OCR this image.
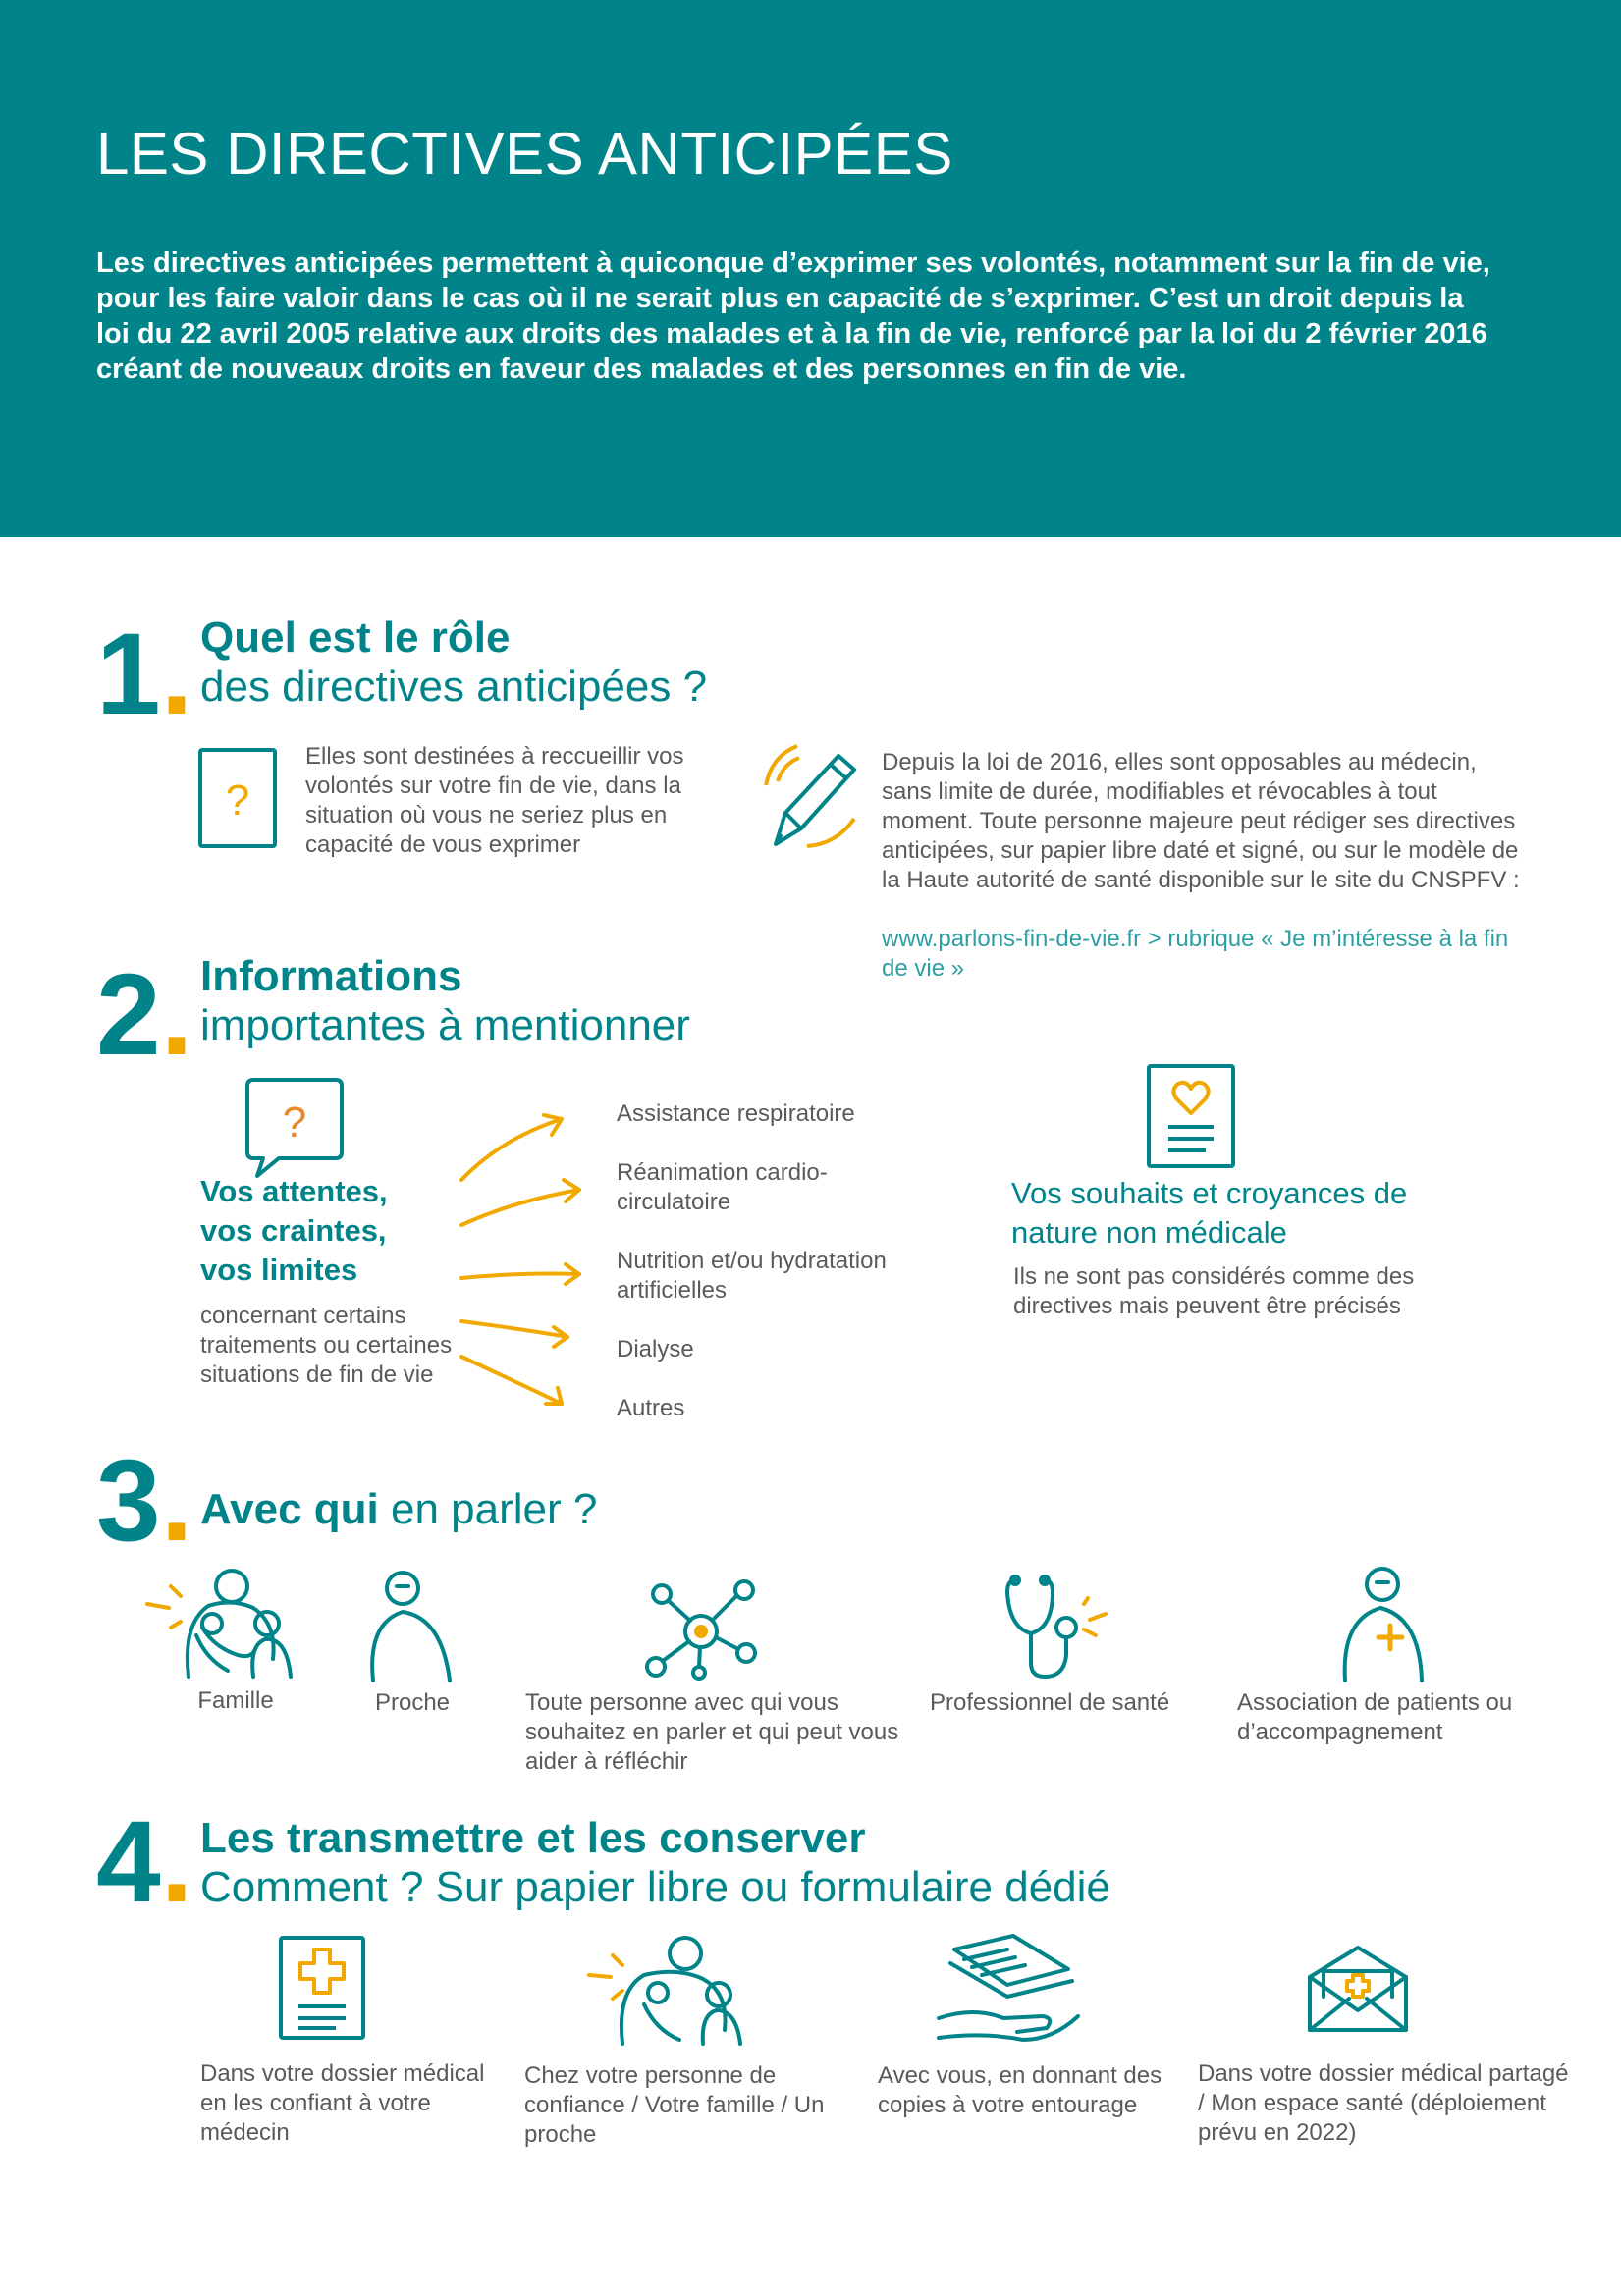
LES DIRECTIVES ANTICIPÉES

Les directives anticipées permettent à quiconque d’exprimer ses volontés, notamment sur la fin de vie, pour les faire valoir dans le cas où il ne serait plus en capacité de s’exprimer. C’est un droit depuis la loi du 22 avril 2005 relative aux droits des malades et à la fin de vie, renforcé par la loi du 2 février 2016 créant de nouveaux droits en faveur des malades et des personnes en fin de vie.

1. Quel est le rôle
des directives anticipées ?
?

Elles sont destinées à reccueillir vos volontés sur votre fin de vie, dans la situation où vous ne seriez plus en capacité de vous exprimer

Depuis la loi de 2016, elles sont opposables au médecin, sans limite de durée, modifiables et révocables à tout moment. Toute personne majeure peut rédiger ses directives anticipées, sur papier libre daté et signé, ou sur le modèle de la Haute autorité de santé disponible sur le site du CNSPFV :

www.parlons-fin-de-vie.fr > rubrique « Je m’intéresse à la fin de vie »

2. Informations
importantes à mentionner
?
Vos attentes, vos craintes, vos limites

concernant certains traitements ou certaines situations de fin de vie

Assistance respiratoire

Réanimation cardio-circulatoire

Nutrition et/ou hydratation artificielles

Dialyse

Autres

Vos souhaits et croyances de nature non médicale

Ils ne sont pas considérés comme des directives mais peuvent être précisés

3. Avec qui en parler ?

Famille	Proche	Toute personne avec qui vous souhaitez en parler et qui peut vous aider à réfléchir

Professionnel de santé	Association de patients ou d’accompagnement

4. Les transmettre et les conserver
Comment ? Sur papier libre ou formulaire dédié

Dans votre dossier médical en les confiant à votre médecin

Chez votre personne de confiance / Votre famille / Un proche

Avec vous, en donnant des copies à votre entourage

Dans votre dossier médical partagé / Mon espace santé (déploiement prévu en 2022)
